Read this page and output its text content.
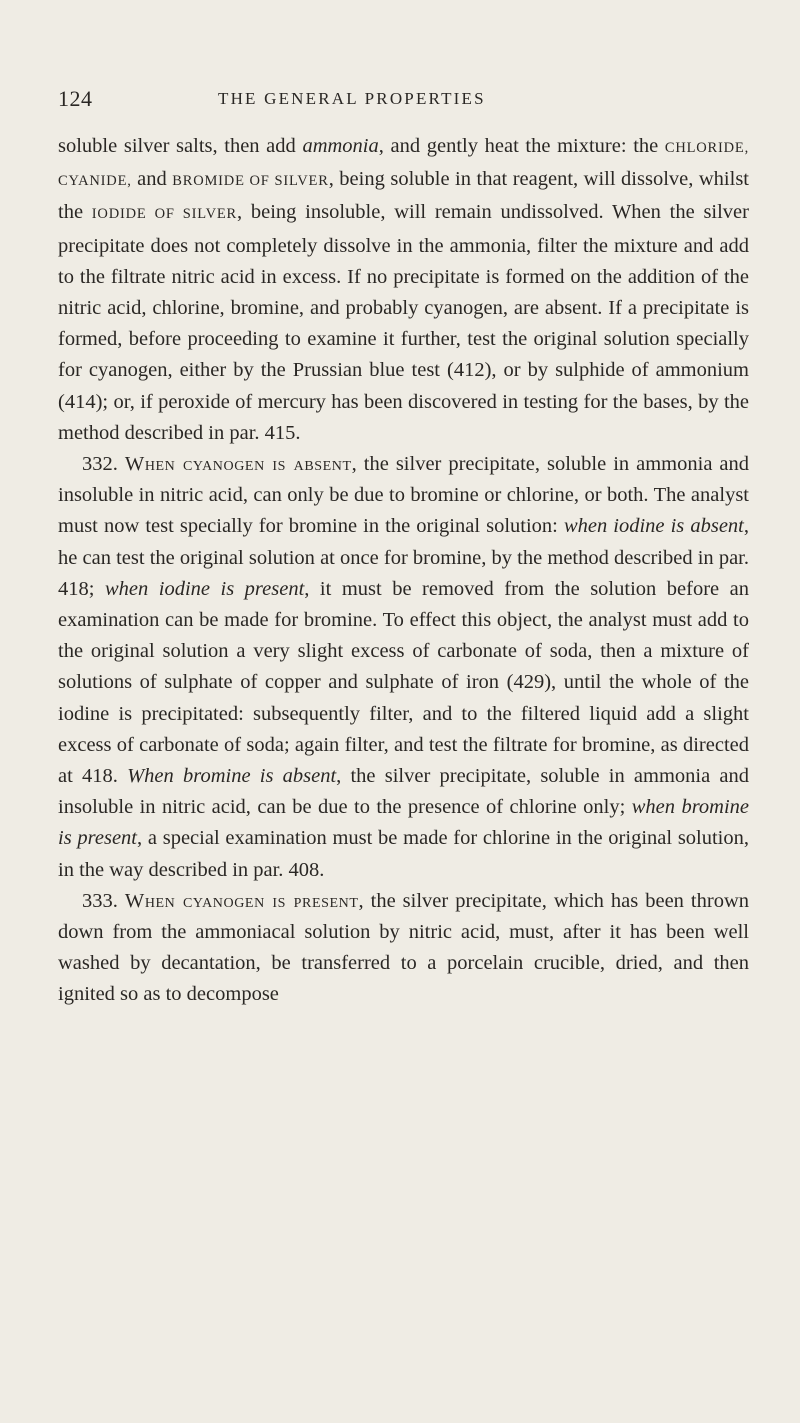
124	THE GENERAL PROPERTIES

soluble silver salts, then add ammonia, and gently heat the mixture: the CHLORIDE, CYANIDE, and BROMIDE OF SILVER, being soluble in that reagent, will dissolve, whilst the IODIDE OF SILVER, being insoluble, will remain undissolved. When the silver precipitate does not completely dissolve in the ammonia, filter the mixture and add to the filtrate nitric acid in excess. If no precipitate is formed on the addition of the nitric acid, chlorine, bromine, and probably cyanogen, are absent. If a precipitate is formed, before proceeding to examine it further, test the original solution specially for cyanogen, either by the Prussian blue test (412), or by sulphide of ammonium (414); or, if peroxide of mercury has been discovered in testing for the bases, by the method described in par. 415.

332. When cyanogen is absent, the silver precipitate, soluble in ammonia and insoluble in nitric acid, can only be due to bromine or chlorine, or both. The analyst must now test specially for bromine in the original solution: when iodine is absent, he can test the original solution at once for bromine, by the method described in par. 418; when iodine is present, it must be removed from the solution before an examination can be made for bromine. To effect this object, the analyst must add to the original solution a very slight excess of carbonate of soda, then a mixture of solutions of sulphate of copper and sulphate of iron (429), until the whole of the iodine is precipitated: subsequently filter, and to the filtered liquid add a slight excess of carbonate of soda; again filter, and test the filtrate for bromine, as directed at 418. When bromine is absent, the silver precipitate, soluble in ammonia and insoluble in nitric acid, can be due to the presence of chlorine only; when bromine is present, a special examination must be made for chlorine in the original solution, in the way described in par. 408.

333. When cyanogen is present, the silver precipitate, which has been thrown down from the ammoniacal solution by nitric acid, must, after it has been well washed by decantation, be transferred to a porcelain crucible, dried, and then ignited so as to decompose
